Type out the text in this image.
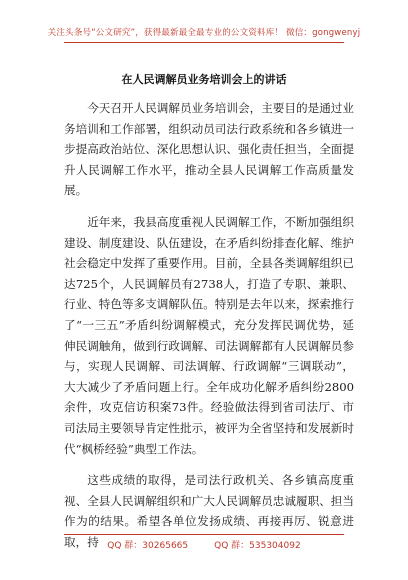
关注头条号“公文研究”，获得最新最全最专业的公文资料库！ 微信：gongwenyj
在人民调解员业务培训会上的讲话

今天召开人民调解员业务培训会，主要目的是通过业务培训和工作部署，组织动员司法行政系统和各乡镇进一步提高政治站位、深化思想认识、强化责任担当，全面提升人民调解工作水平，推动全县人民调解工作高质量发展。

近年来，我县高度重视人民调解工作，不断加强组织建设、制度建设、队伍建设，在矛盾纠纷排查化解、维护社会稳定中发挥了重要作用。目前，全县各类调解组织已达725个，人民调解员有2738人，打造了专职、兼职、行业、特色等多支调解队伍。特别是去年以来，探索推行了“一三五”矛盾纠纷调解模式，充分发挥民调优势，延伸民调触角，做到行政调解、司法调解都有人民调解员参与，实现人民调解、司法调解、行政调解“三调联动”，大大减少了矛盾问题上行。全年成功化解矛盾纠纷2800余件，攻克信访积案73件。经验做法得到省司法厅、市司法局主要领导肯定性批示，被评为全省坚持和发展新时代“枫桥经验”典型工作法。

这些成绩的取得，是司法行政机关、各乡镇高度重视、全县人民调解组织和广大人民调解员忠诚履职、担当作为的结果。希望各单位发扬成绩、再接再厉、锐意进取，持 QQ 群：30265665	QQ 群：535304092
